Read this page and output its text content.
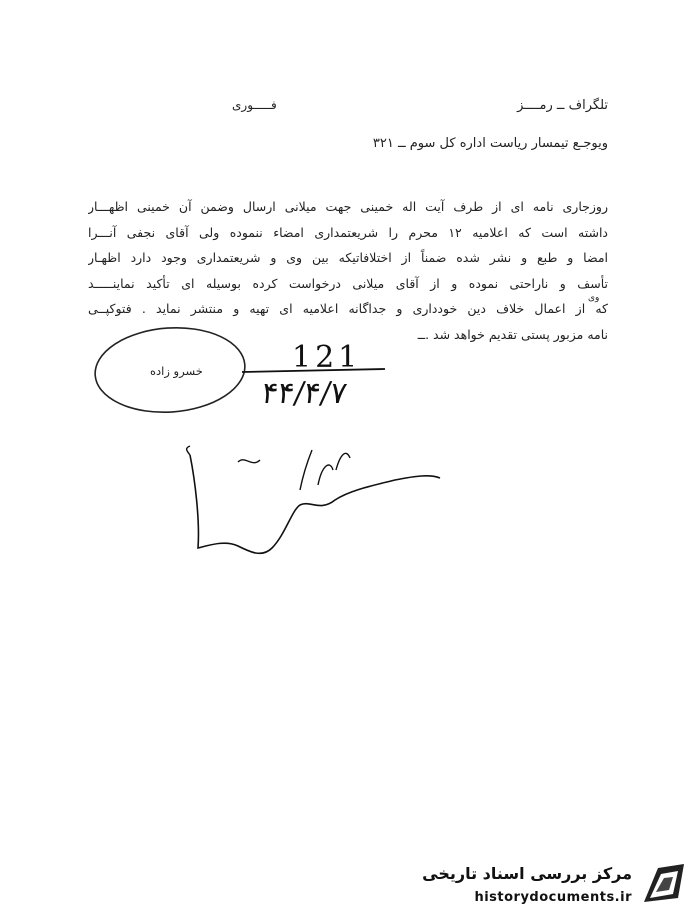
تلگراف ــ رمــــز
فـــــوری
ویوجـع تیمسار ریاست اداره کل سوم ــ ۳۲۱
روزجاری نامه ای از طرف آیت اله خمینی جهت میلانی ارسال وضمن آن خمینی اظهـــار
داشته است که اعلامیه ۱۲ محرم را شریعتمداری امضاء ننموده ولی آقای نجفی آنـــرا
امضا و طبع و نشر شده ضمناً از اختلافاتیکه بین وی و شریعتمداری وجود دارد اظهـار
تأسف و ناراحتی نموده و از آقای میلانی درخواست کرده بوسیله ای تأکید نماینـــــد
که از اعمال خلاف دین خودداری و جداگانه اعلامیه ای تهیه و منتشر نماید . فتوکپــی
نامه مزبور پستی تقدیم خواهد شد .ــ
وی
خسرو زاده	121
۴۴/۴/۷
مرکز بررسی اسناد تاریخی
historydocuments.ir
